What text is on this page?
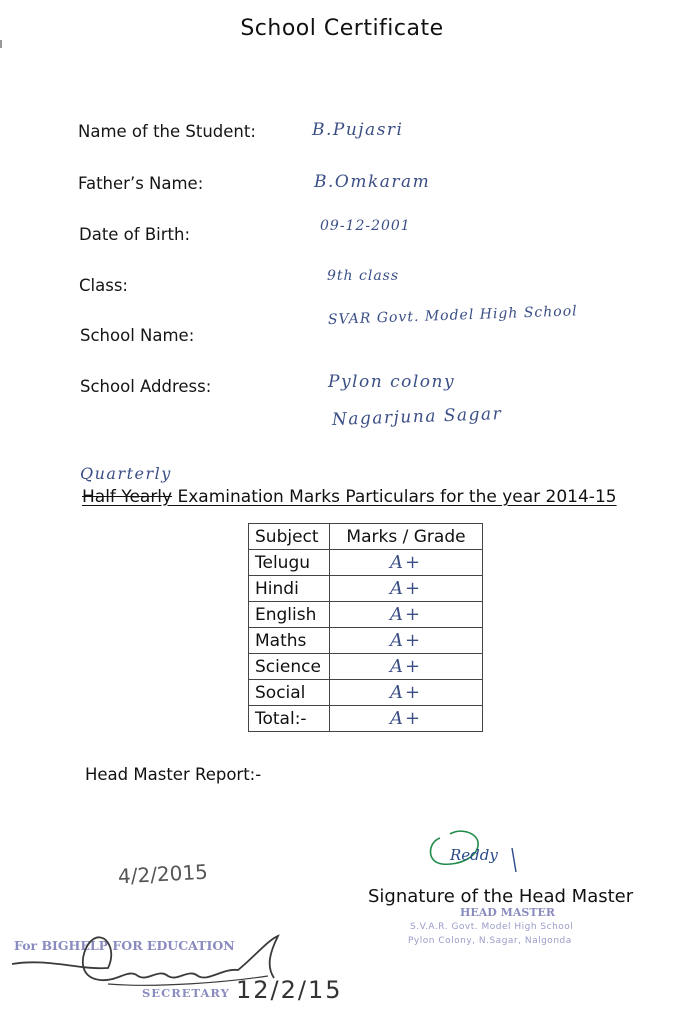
School Certificate
Name of the Student:	B.Pujasri
Father’s Name:	B.Omkaram
Date of Birth:	09-12-2001
Class:	9th class
School Name:
SVAR Govt. Model High School
School Address:	Pylon colony
Nagarjuna Sagar
Quarterly
Half Yearly Examination Marks Particulars for the year 2014-15
Subject	Marks / Grade
Telugu	A+
Hindi	A+
English	A+
Maths	A+
Science	A+
Social	A+
Total:-	A+
Head Master Report:-
4/2/2015
Reddy
Signature of the Head Master
HEAD MASTER
S.V.A.R. Govt. Model High School
Pylon Colony, N.Sagar, Nalgonda
For BIGHELP FOR EDUCATION
SECRETARY 12/2/15
